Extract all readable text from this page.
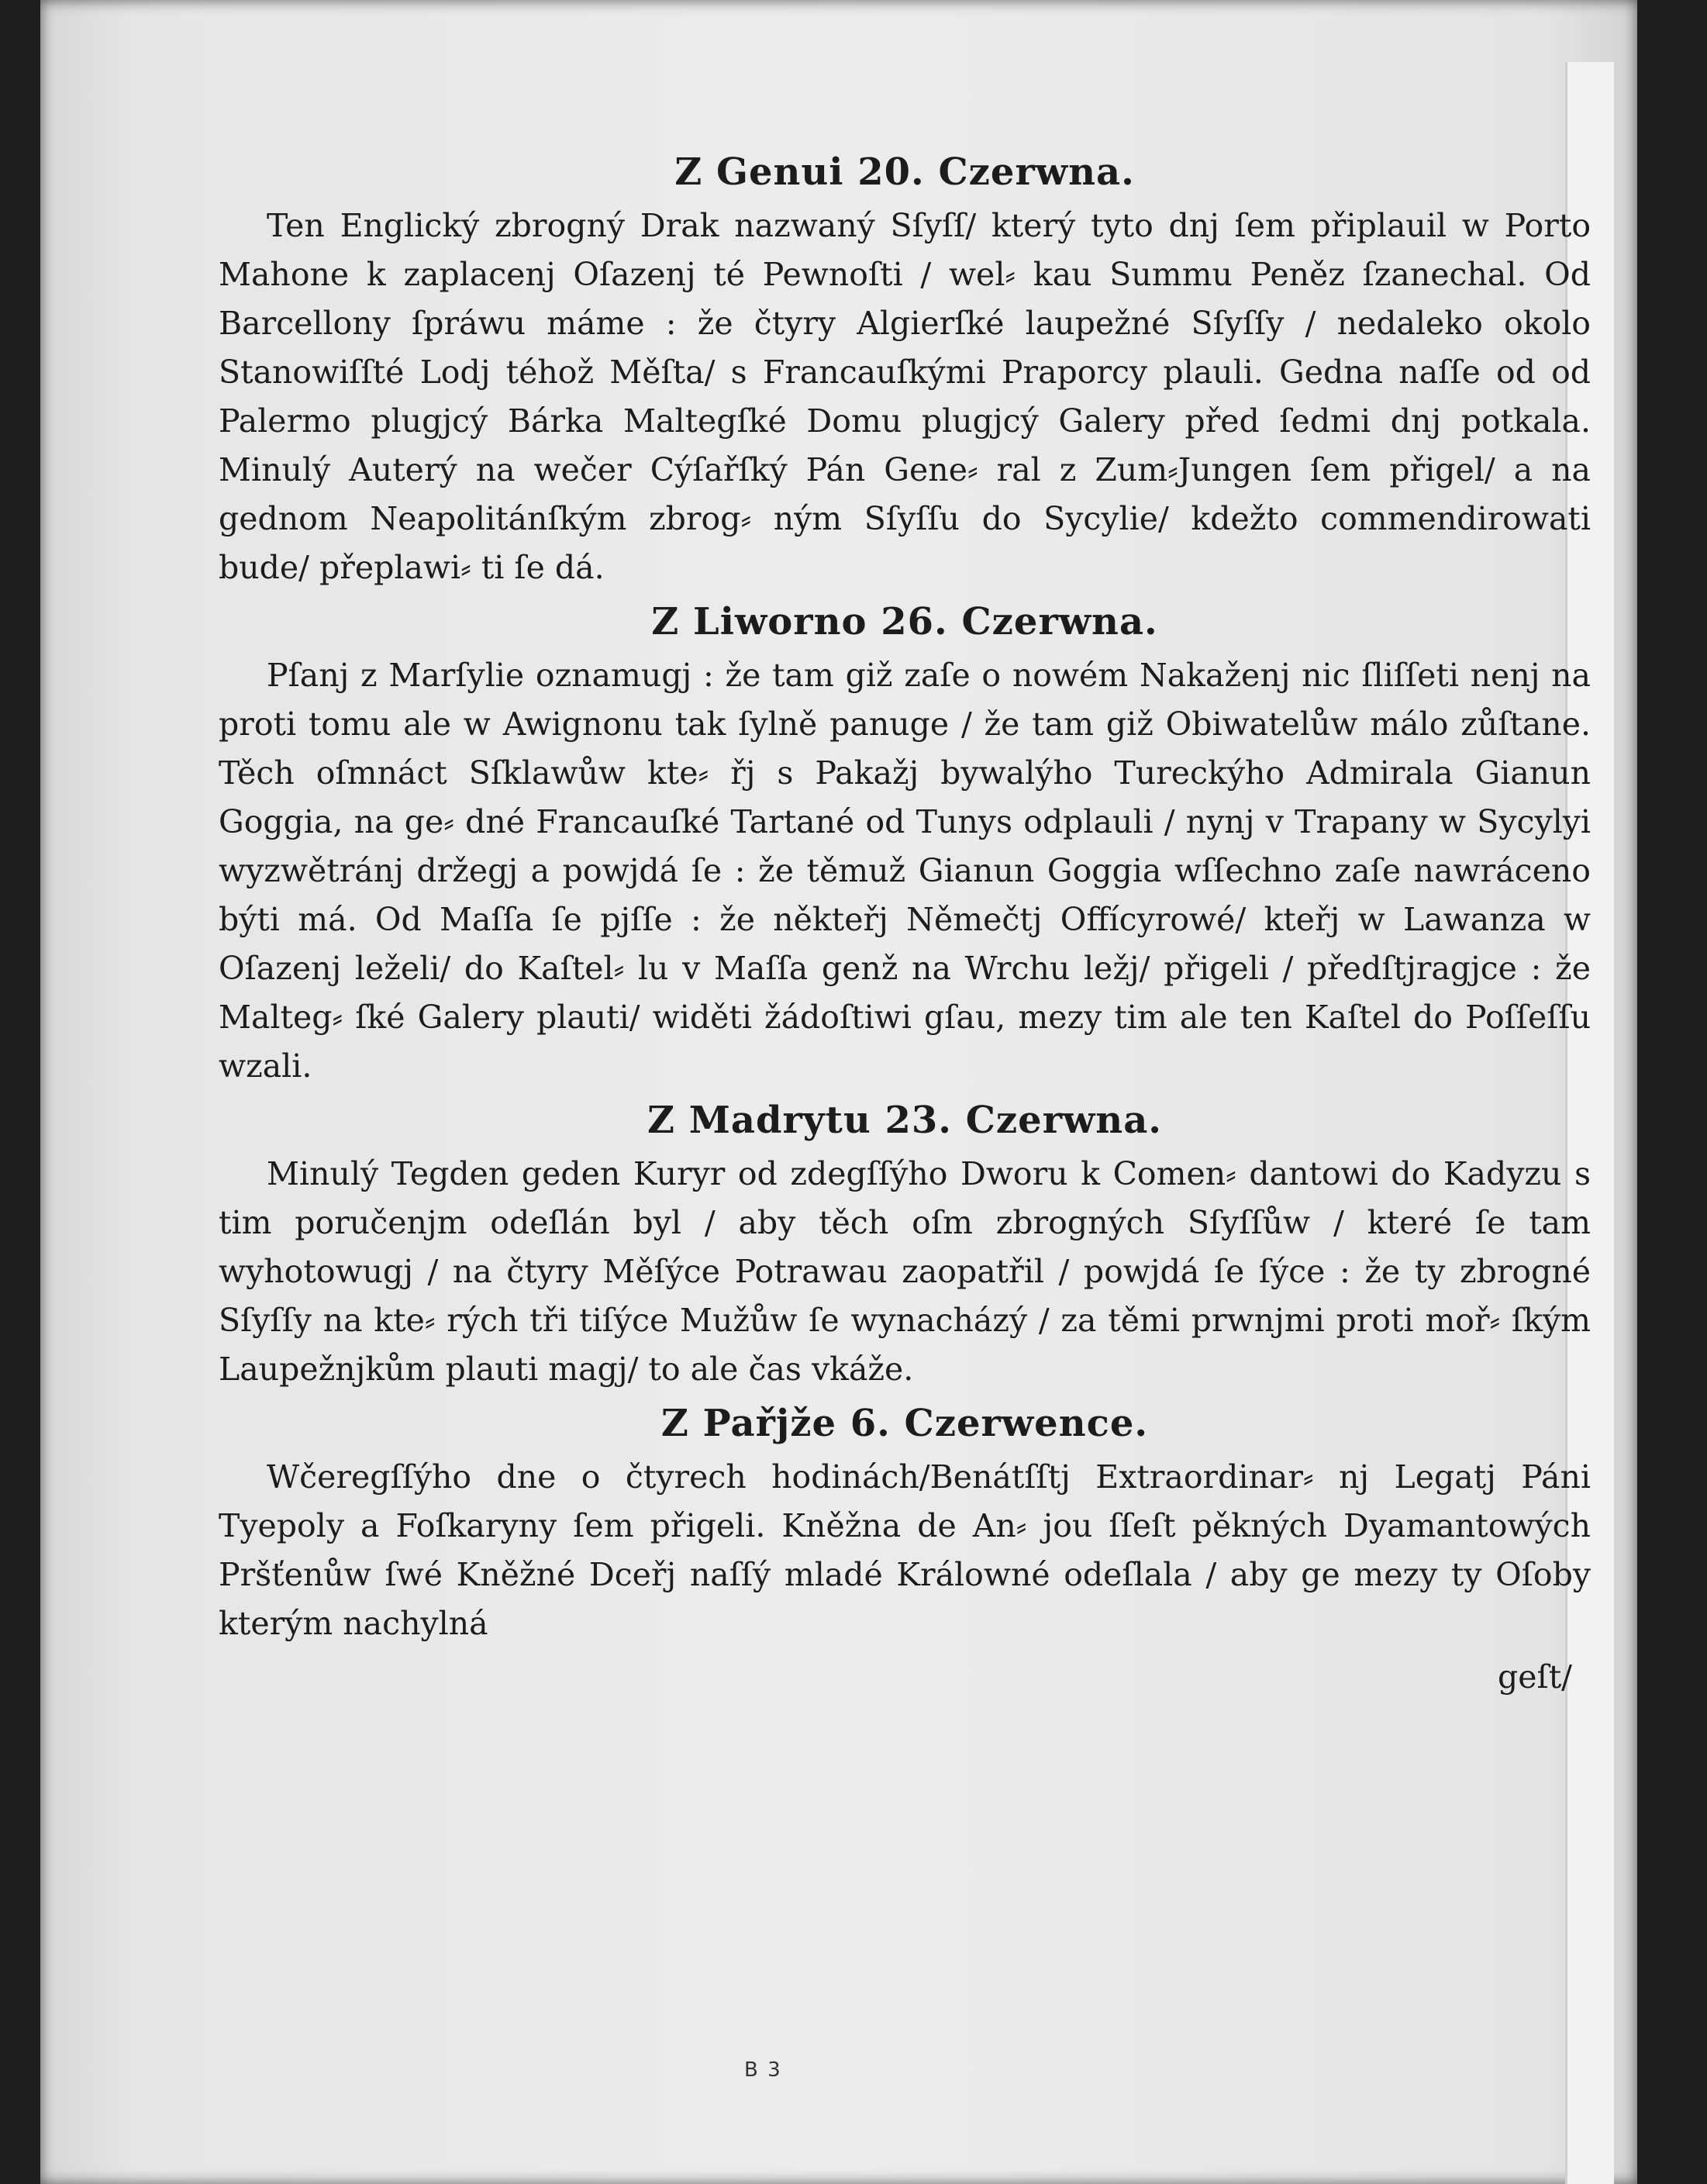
Z Genui 20. Czerwna.
Ten Englický zbrogný Drak nazwaný Sſyſſ/ který tyto dnj ſem připlauil w Porto Mahone k zaplacenj Oſazenj té Pewnoſti / wel⸗ kau Summu Peněz ſzanechal. Od Barcellony ſpráwu máme : že čtyry Algierſké laupežné Sſyſſy / nedaleko okolo Stanowiſſté Lodj téhož Měſta/ s Francauſkými Praporcy plauli. Gedna naſſe od od Palermo plugjcý Bárka Maltegſké Domu plugjcý Galery před ſedmi dnj potkala. Minulý Auterý na wečer Cýſařſký Pán Gene⸗ ral z Zum⸗Jungen ſem přigel/ a na gednom Neapolitánſkým zbrog⸗ ným Sſyſſu do Sycylie/ kdežto commendirowati bude/ přeplawi⸗ ti ſe dá.
Z Liworno 26. Czerwna.
Pſanj z Marſylie oznamugj : že tam giž zaſe o nowém Nakaženj nic ſliſſeti nenj na proti tomu ale w Awignonu tak ſylně panuge / že tam giž Obiwatelůw málo zůſtane. Těch oſmnáct Sſklawůw kte⸗ řj s Pakažj bywalýho Tureckýho Admirala Gianun Goggia, na ge⸗ dné Francauſké Tartané od Tunys odplauli / nynj v Trapany w Sycylyi wyzwětránj držegj a powjdá ſe : že těmuž Gianun Goggia wſſechno zaſe nawráceno býti má. Od Maſſa ſe pjſſe : že někteřj Němečtj Offícyrowé/ kteřj w Lawanza w Oſazenj leželi/ do Kaſtel⸗ lu v Maſſa genž na Wrchu ležj/ přigeli / předſtjragjce : že Malteg⸗ ſké Galery plauti/ widěti žádoſtiwi gſau, mezy tim ale ten Kaſtel do Poſſeſſu wzali.
Z Madrytu 23. Czerwna.
Minulý Tegden geden Kuryr od zdegſſýho Dworu k Comen⸗ dantowi do Kadyzu s tim poručenjm odeſlán byl / aby těch oſm zbrogných Sſyſſůw / které ſe tam wyhotowugj / na čtyry Měſýce Potrawau zaopatřil / powjdá ſe ſýce : že ty zbrogné Sſyſſy na kte⸗ rých tři tiſýce Mužůw ſe wynacházý / za těmi prwnjmi proti moř⸗ ſkým Laupežnjkům plauti magj/ to ale čas vkáže.
Z Pařjže 6. Czerwence.
Wčeregſſýho dne o čtyrech hodinách/Benátſſtj Extraordinar⸗ nj Legatj Páni Tyepoly a Foſkaryny ſem přigeli. Kněžna de An⸗ jou ſſeſt pěkných Dyamantowých Pršťenůw ſwé Kněžné Dceřj naſſý mladé Králowné odeſlala / aby ge mezy ty Oſoby kterým nachylná
geſt/
B 3
